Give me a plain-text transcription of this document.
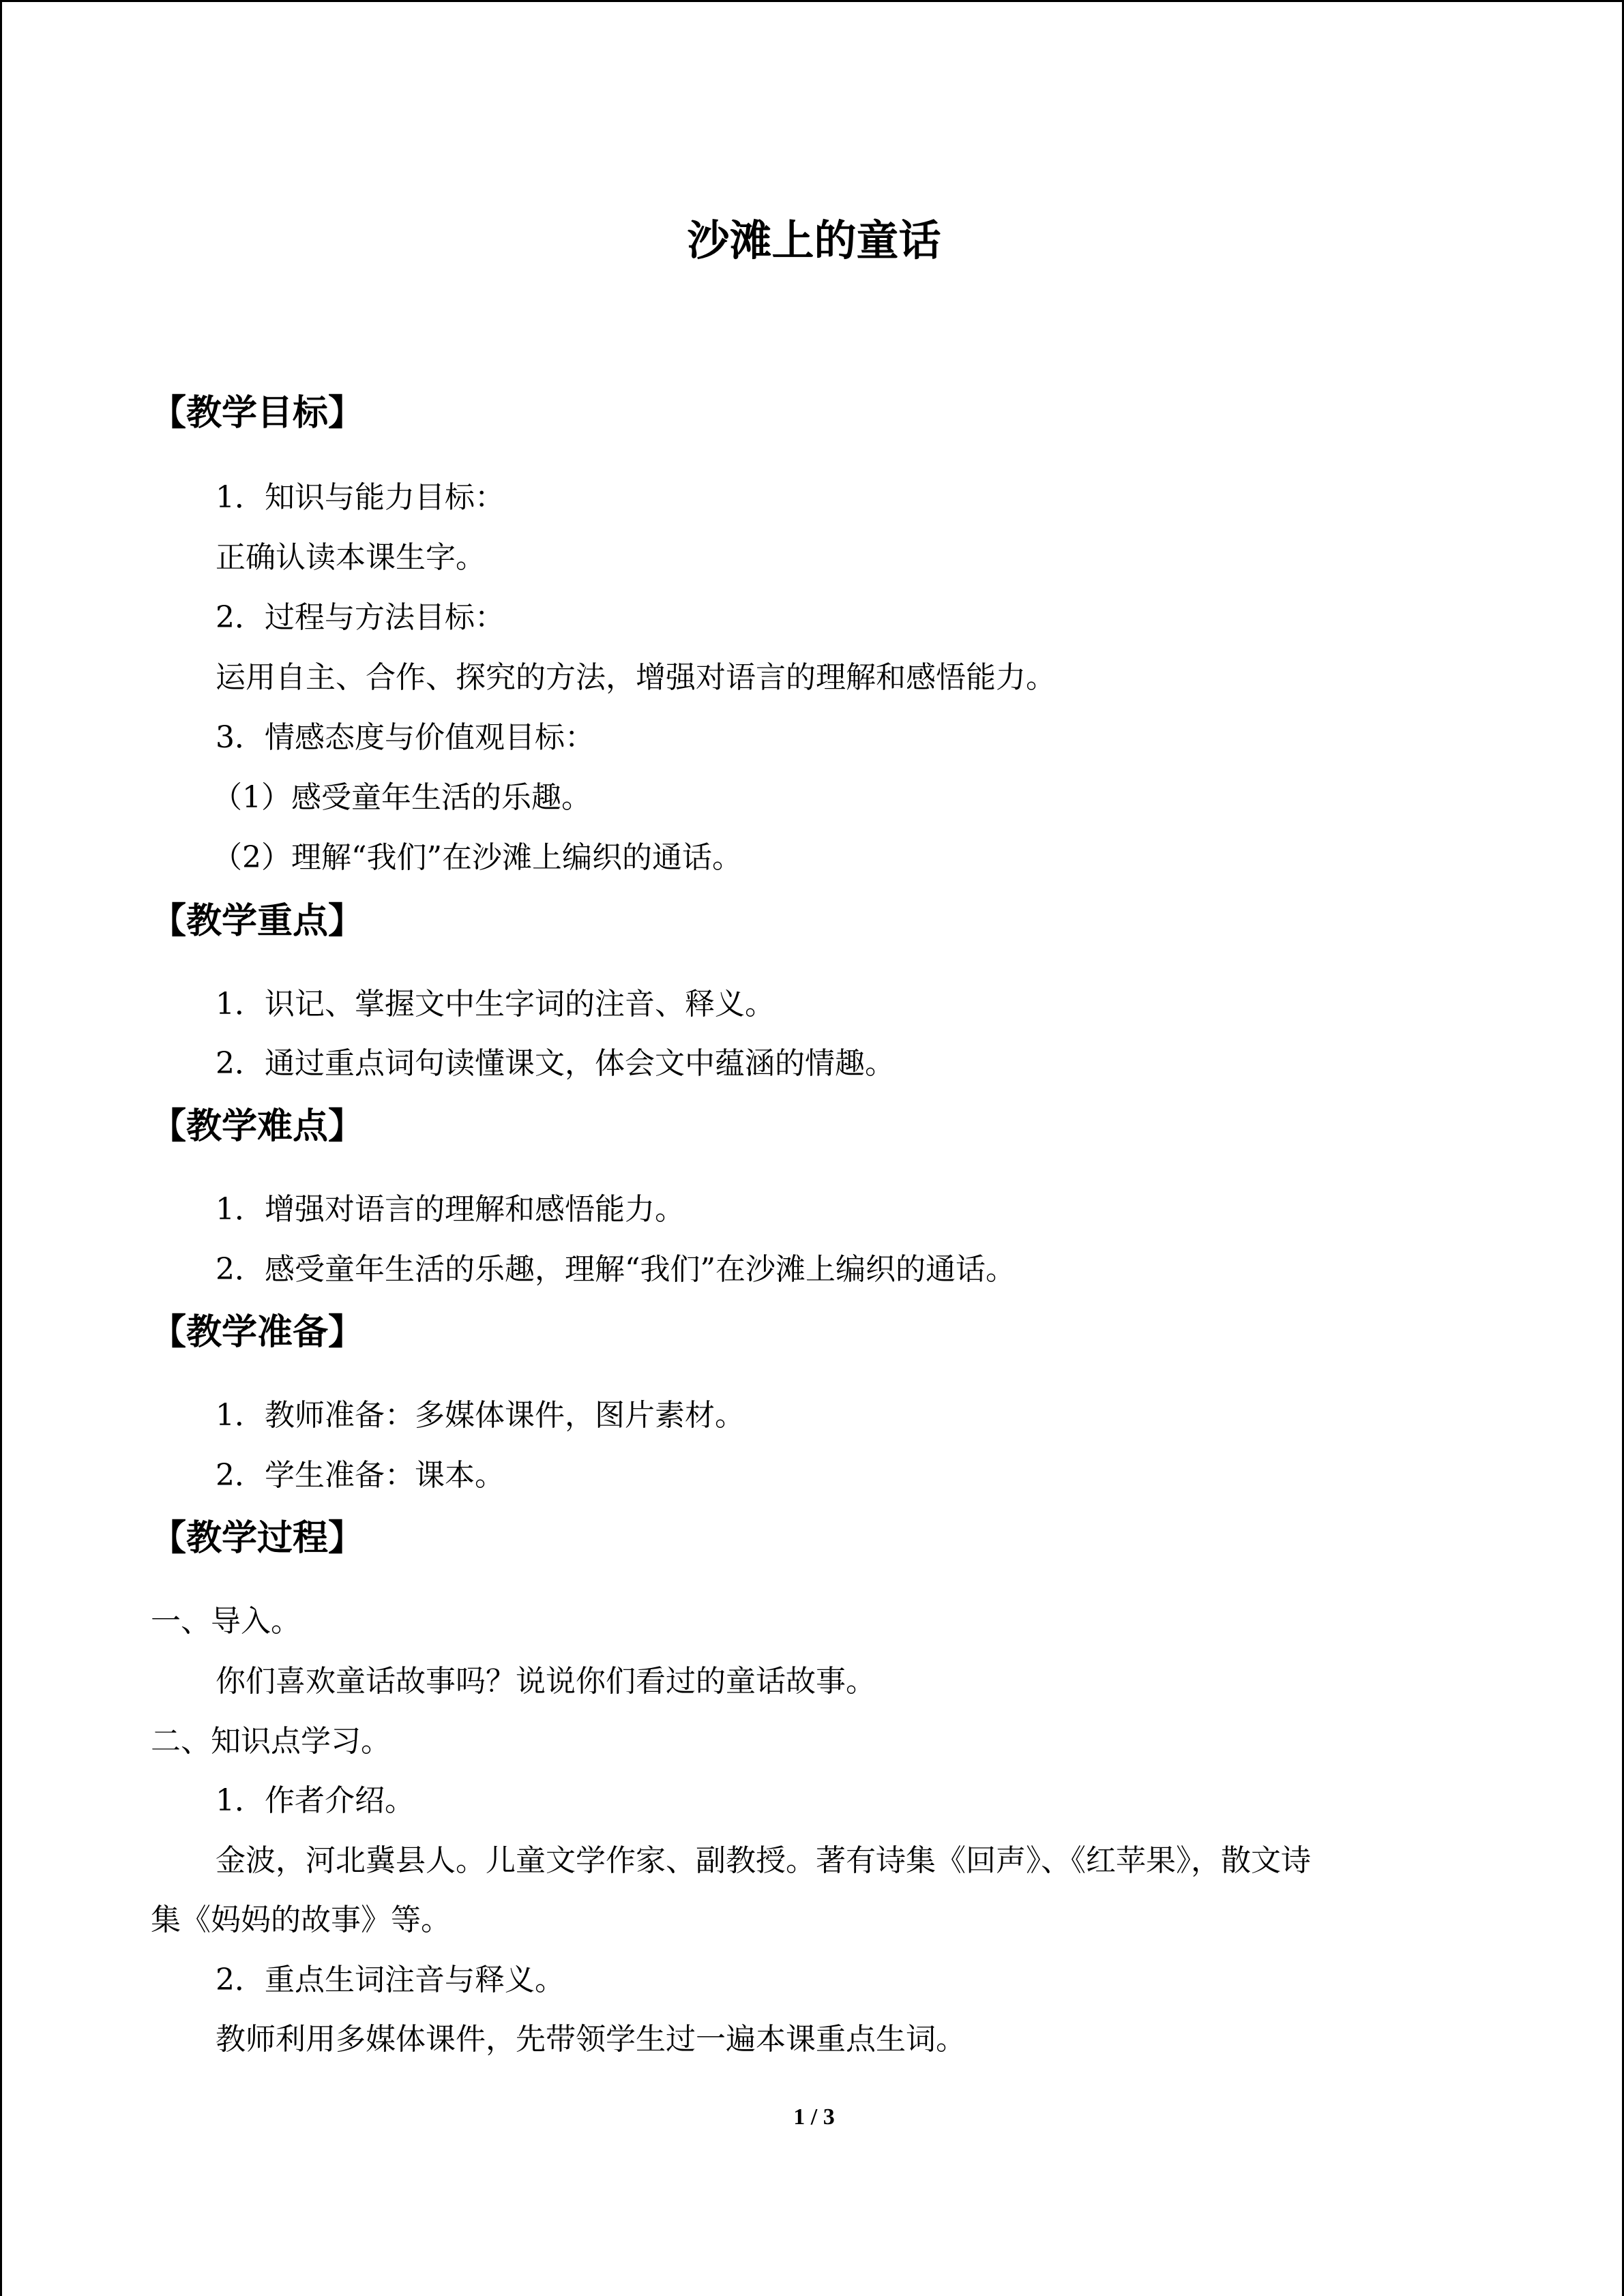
沙滩上的童话
【教学目标】
1．知识与能力目标：
正确认读本课生字。
2．过程与方法目标：
运用自主、合作、探究的方法，增强对语言的理解和感悟能力。
3．情感态度与价值观目标：
（1）感受童年生活的乐趣。
（2）理解“我们”在沙滩上编织的通话。
【教学重点】
1．识记、掌握文中生字词的注音、释义。
2．通过重点词句读懂课文，体会文中蕴涵的情趣。
【教学难点】
1．增强对语言的理解和感悟能力。
2．感受童年生活的乐趣，理解“我们”在沙滩上编织的通话。
【教学准备】
1．教师准备：多媒体课件，图片素材。
2．学生准备：课本。
【教学过程】
一、导入。
你们喜欢童话故事吗？说说你们看过的童话故事。
二、知识点学习。
1．作者介绍。
金波，河北冀县人。儿童文学作家、副教授。著有诗集《回声》、《红苹果》，散文诗
集《妈妈的故事》等。
2．重点生词注音与释义。
教师利用多媒体课件，先带领学生过一遍本课重点生词。
1 / 3
